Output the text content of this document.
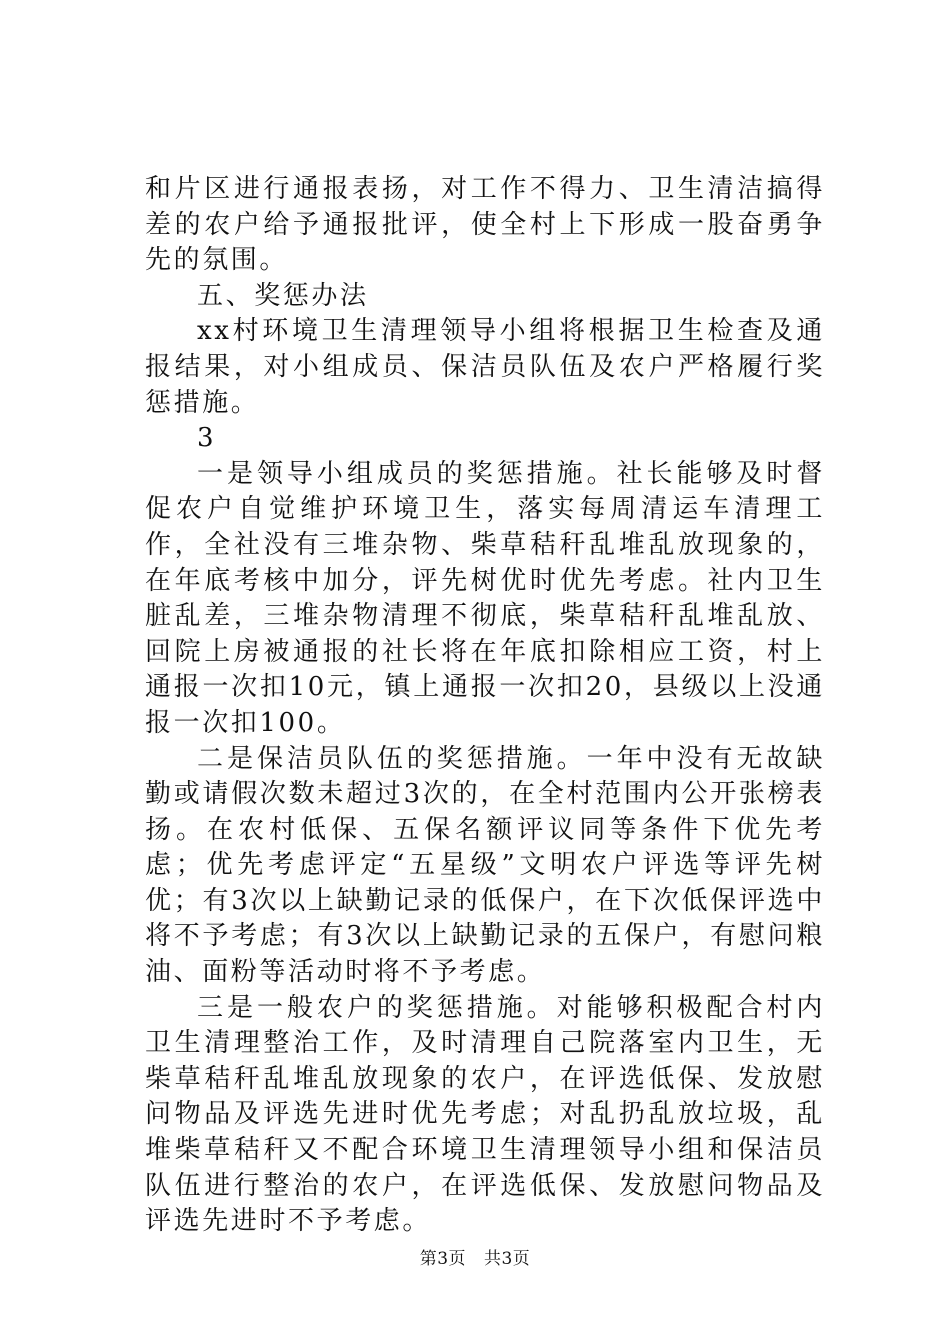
和片区进行通报表扬，对工作不得力、卫生清洁搞得差的农户给予通报批评，使全村上下形成一股奋勇争先的氛围。

五、奖惩办法

xx村环境卫生清理领导小组将根据卫生检查及通报结果，对小组成员、保洁员队伍及农户严格履行奖惩措施。

3

一是领导小组成员的奖惩措施。社长能够及时督促农户自觉维护环境卫生，落实每周清运车清理工作，全社没有三堆杂物、柴草秸秆乱堆乱放现象的，在年底考核中加分，评先树优时优先考虑。社内卫生脏乱差，三堆杂物清理不彻底，柴草秸秆乱堆乱放、回院上房被通报的社长将在年底扣除相应工资，村上通报一次扣10元，镇上通报一次扣20，县级以上没通报一次扣100。

二是保洁员队伍的奖惩措施。一年中没有无故缺勤或请假次数未超过3次的，在全村范围内公开张榜表扬。在农村低保、五保名额评议同等条件下优先考虑；优先考虑评定“五星级”文明农户评选等评先树优；有3次以上缺勤记录的低保户，在下次低保评选中将不予考虑；有3次以上缺勤记录的五保户，有慰问粮油、面粉等活动时将不予考虑。

三是一般农户的奖惩措施。对能够积极配合村内卫生清理整治工作，及时清理自己院落室内卫生，无柴草秸秆乱堆乱放现象的农户，在评选低保、发放慰问物品及评选先进时优先考虑；对乱扔乱放垃圾，乱堆柴草秸秆又不配合环境卫生清理领导小组和保洁员队伍进行整治的农户，在评选低保、发放慰问物品及评选先进时不予考虑。

第3页 共3页
